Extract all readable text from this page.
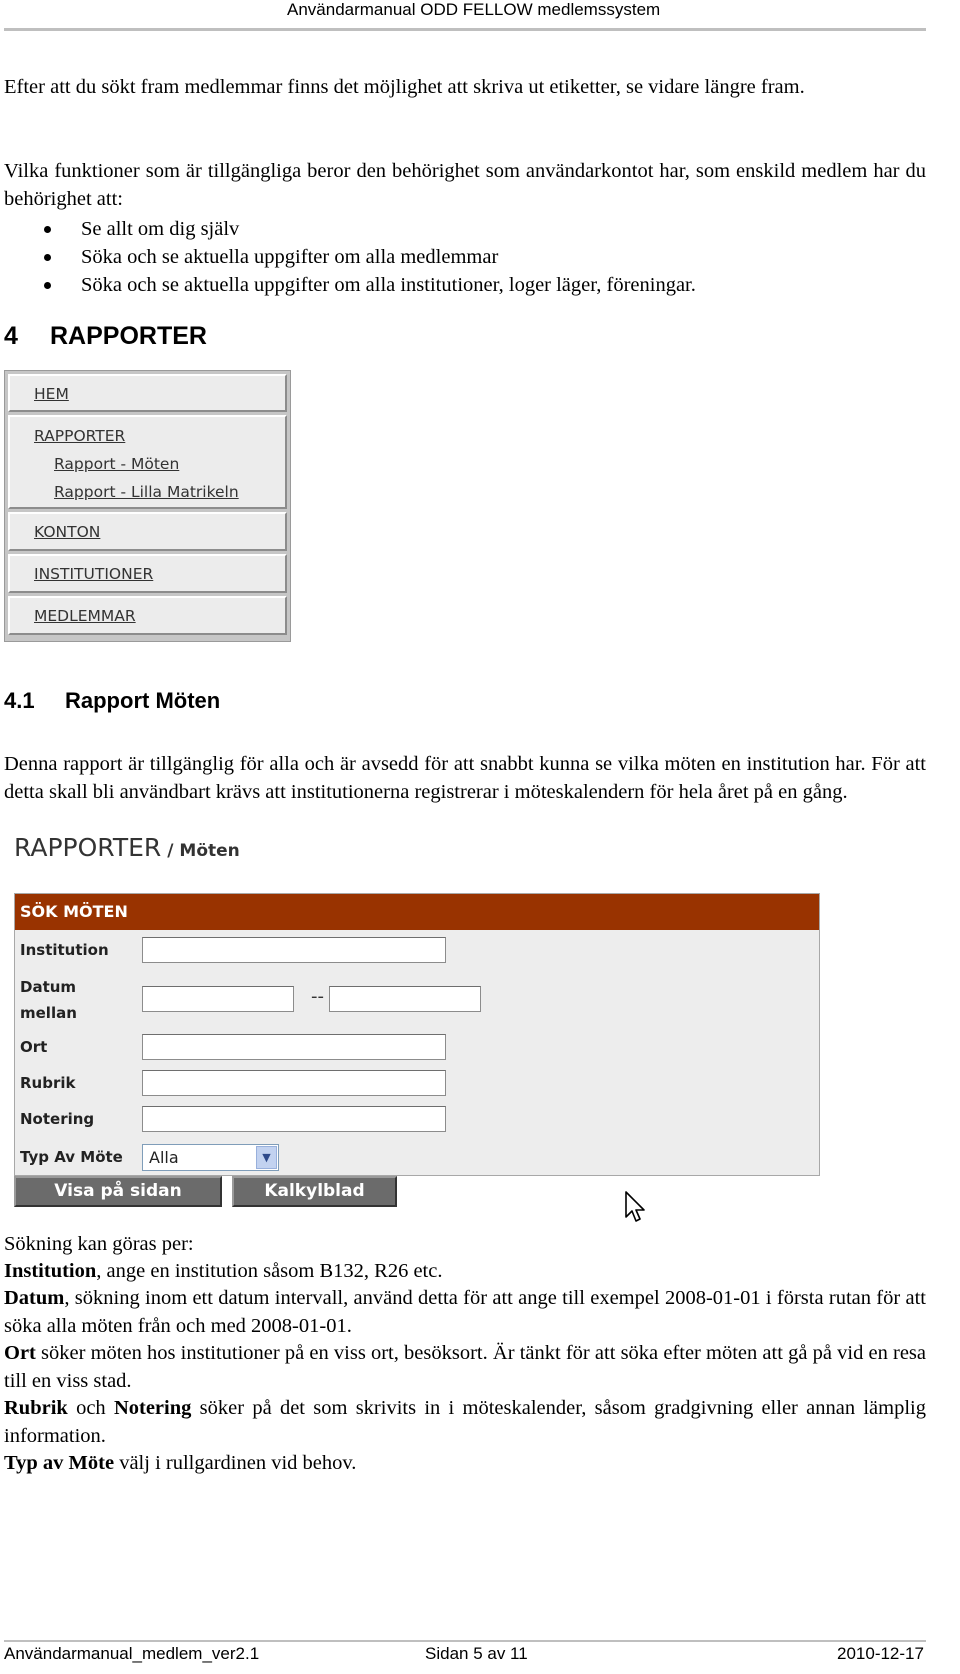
Användarmanual ODD FELLOW medlemssystem
Efter att du sökt fram medlemmar finns det möjlighet att skriva ut etiketter, se vidare längre fram.
Vilka funktioner som är tillgängliga beror den behörighet som användarkontot har, som enskild medlem har du behörighet att:
Se allt om dig själv
Söka och se aktuella uppgifter om alla medlemmar
Söka och se aktuella uppgifter om alla institutioner, loger läger, föreningar.
4 RAPPORTER
HEM
RAPPORTER
Rapport - Möten
Rapport - Lilla Matrikeln
KONTON
INSTITUTIONER
MEDLEMMAR
4.1 Rapport Möten
Denna rapport är tillgänglig för alla och är avsedd för att snabbt kunna se vilka möten en institution har. För att detta skall bli användbart krävs att institutionerna registrerar i möteskalendern för hela året på en gång.
RAPPORTER / Möten
SÖK MÖTEN
Institution
Datum
mellan
--
Ort
Rubrik
Notering
Typ Av Möte	Alla	▼
Visa på sidan	Kalkylblad
Sökning kan göras per:
Institution, ange en institution såsom B132, R26 etc.
Datum, sökning inom ett datum intervall, använd detta för att ange till exempel 2008-01-01 i första rutan för att söka alla möten från och med 2008-01-01.
Ort söker möten hos institutioner på en viss ort, besöksort. Är tänkt för att söka efter möten att gå på vid en resa till en viss stad.
Rubrik och Notering söker på det som skrivits in i möteskalender, såsom gradgivning eller annan lämplig information.
Typ av Möte välj i rullgardinen vid behov.
Användarmanual_medlem_ver2.1	Sidan 5 av 11	2010-12-17
